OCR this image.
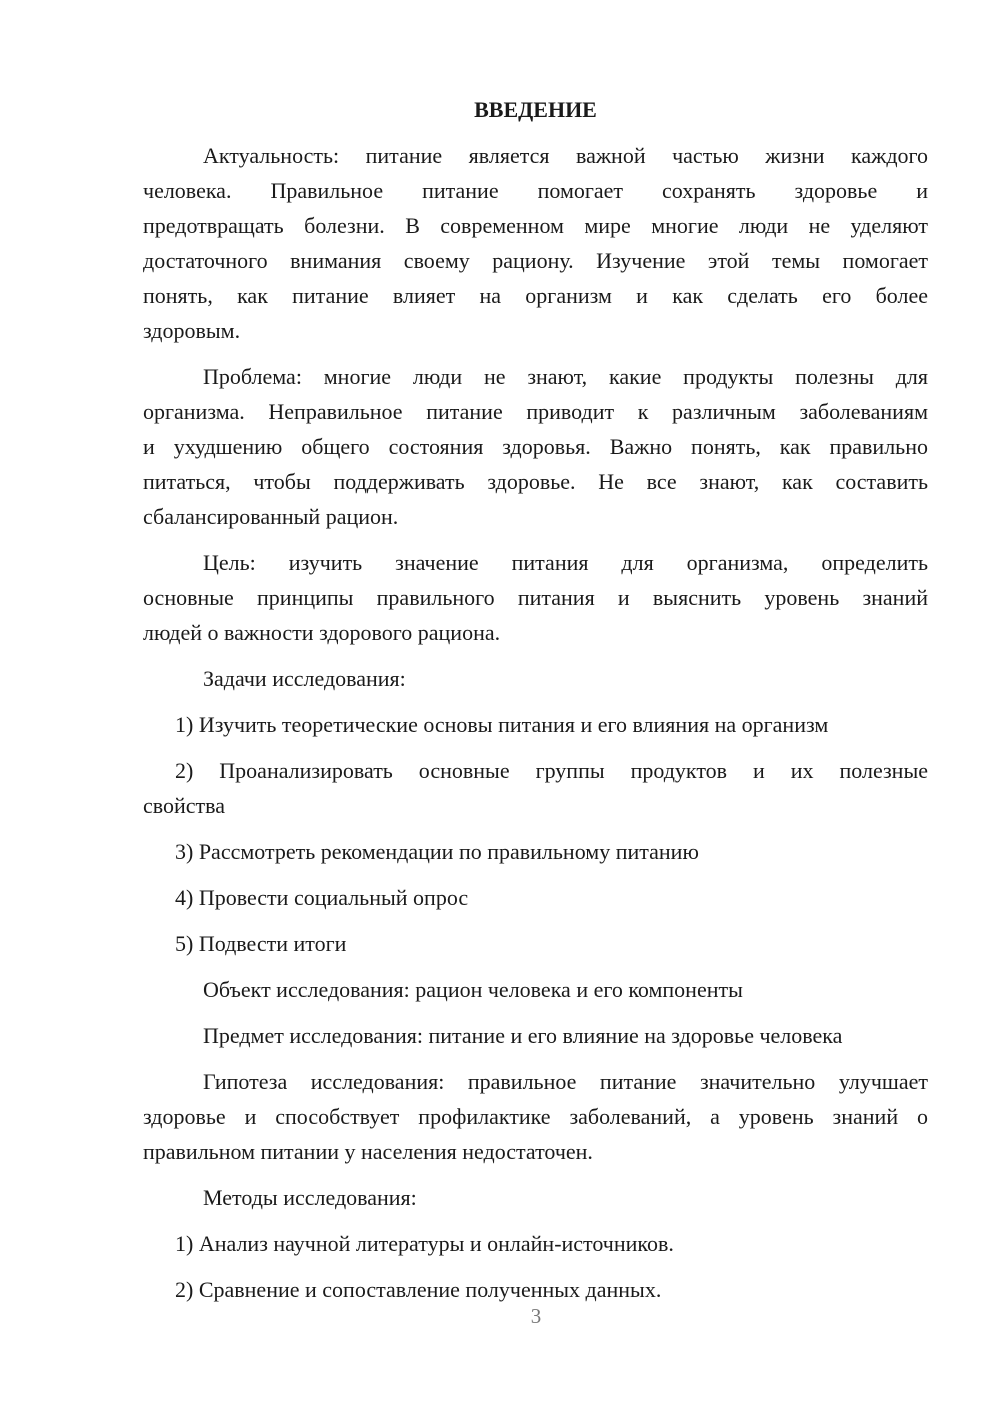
ВВЕДЕНИЕ
Актуальность: питание является важной частью жизни каждого
человека. Правильное питание помогает сохранять здоровье и
предотвращать болезни. В современном мире многие люди не уделяют
достаточного внимания своему рациону. Изучение этой темы помогает
понять, как питание влияет на организм и как сделать его более
здоровым.
Проблема: многие люди не знают, какие продукты полезны для
организма. Неправильное питание приводит к различным заболеваниям
и ухудшению общего состояния здоровья. Важно понять, как правильно
питаться, чтобы поддерживать здоровье. Не все знают, как составить
сбалансированный рацион.
Цель: изучить значение питания для организма, определить
основные принципы правильного питания и выяснить уровень знаний
людей о важности здорового рациона.
Задачи исследования:
1) Изучить теоретические основы питания и его влияния на организм
2) Проанализировать основные группы продуктов и их полезные
свойства
3) Рассмотреть рекомендации по правильному питанию
4) Провести социальный опрос
5) Подвести итоги
Объект исследования: рацион человека и его компоненты
Предмет исследования: питание и его влияние на здоровье человека
Гипотеза исследования: правильное питание значительно улучшает
здоровье и способствует профилактике заболеваний, а уровень знаний о
правильном питании у населения недостаточен.
Методы исследования:
1) Анализ научной литературы и онлайн-источников.
2) Сравнение и сопоставление полученных данных.
3
